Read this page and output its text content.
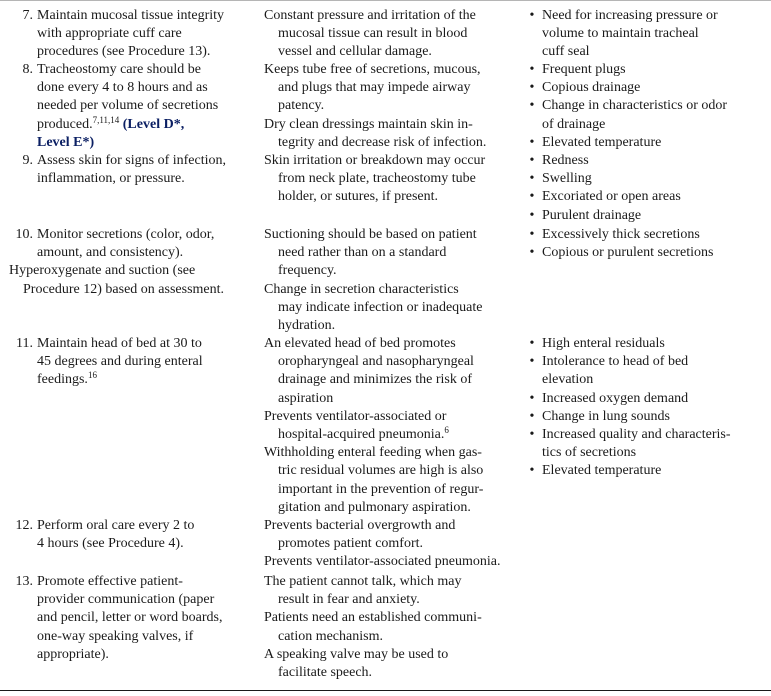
7. Maintain mucosal tissue integrity
with appropriate cuff care
procedures (see Procedure 13).
8. Tracheostomy care should be
done every 4 to 8 hours and as
needed per volume of secretions
produced.$^{7,11,14}$ (Level D*,
Level E*)
9. Assess skin for signs of infection,
inflammation, or pressure.
10. Monitor secretions (color, odor,
amount, and consistency).
Hyperoxygenate and suction (see
Procedure 12) based on assessment.
11. Maintain head of bed at 30 to
45 degrees and during enteral
feedings.$^{16}$
12. Perform oral care every 2 to
4 hours (see Procedure 4).
13. Promote effective patient-
provider communication (paper
and pencil, letter or word boards,
one-way speaking valves, if
appropriate).
Constant pressure and irritation of the
mucosal tissue can result in blood
vessel and cellular damage.
Keeps tube free of secretions, mucous,
and plugs that may impede airway
patency.
Dry clean dressings maintain skin in-
tegrity and decrease risk of infection.
Skin irritation or breakdown may occur
from neck plate, tracheostomy tube
holder, or sutures, if present.
Suctioning should be based on patient
need rather than on a standard
frequency.
Change in secretion characteristics
may indicate infection or inadequate
hydration.
An elevated head of bed promotes
oropharyngeal and nasopharyngeal
drainage and minimizes the risk of
aspiration
Prevents ventilator-associated or
hospital-acquired pneumonia.$^6$
Withholding enteral feeding when gas-
tric residual volumes are high is also
important in the prevention of regur-
gitation and pulmonary aspiration.
Prevents bacterial overgrowth and
promotes patient comfort.
Prevents ventilator-associated pneumonia.
The patient cannot talk, which may
result in fear and anxiety.
Patients need an established communi-
cation mechanism.
A speaking valve may be used to
facilitate speech.
• Need for increasing pressure or
volume to maintain tracheal
cuff seal
• Frequent plugs
• Copious drainage
• Change in characteristics or odor
of drainage
• Elevated temperature
• Redness
• Swelling
• Excoriated or open areas
• Purulent drainage
• Excessively thick secretions
• Copious or purulent secretions
• High enteral residuals
• Intolerance to head of bed
elevation
• Increased oxygen demand
• Change in lung sounds
• Increased quality and characteris-
tics of secretions
• Elevated temperature
